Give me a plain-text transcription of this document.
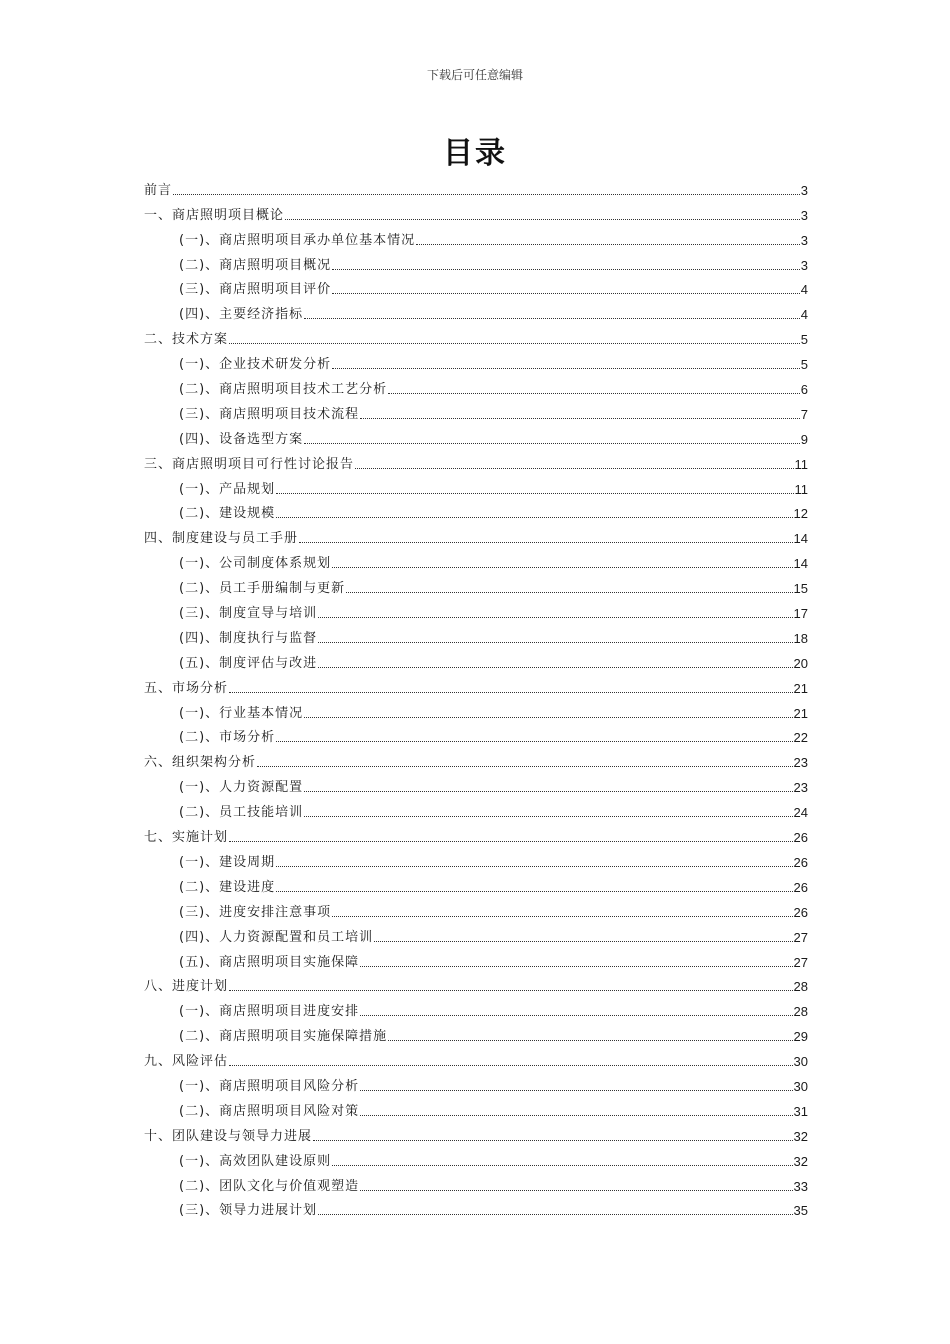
下载后可任意编辑
目录
前言	3
一、商店照明项目概论	3
(一)、商店照明项目承办单位基本情况	3
(二)、商店照明项目概况	3
(三)、商店照明项目评价	4
(四)、主要经济指标	4
二、技术方案	5
(一)、企业技术研发分析	5
(二)、商店照明项目技术工艺分析	6
(三)、商店照明项目技术流程	7
(四)、设备选型方案	9
三、商店照明项目可行性讨论报告	11
(一)、产品规划	11
(二)、建设规模	12
四、制度建设与员工手册	14
(一)、公司制度体系规划	14
(二)、员工手册编制与更新	15
(三)、制度宣导与培训	17
(四)、制度执行与监督	18
(五)、制度评估与改进	20
五、市场分析	21
(一)、行业基本情况	21
(二)、市场分析	22
六、组织架构分析	23
(一)、人力资源配置	23
(二)、员工技能培训	24
七、实施计划	26
(一)、建设周期	26
(二)、建设进度	26
(三)、进度安排注意事项	26
(四)、人力资源配置和员工培训	27
(五)、商店照明项目实施保障	27
八、进度计划	28
(一)、商店照明项目进度安排	28
(二)、商店照明项目实施保障措施	29
九、风险评估	30
(一)、商店照明项目风险分析	30
(二)、商店照明项目风险对策	31
十、团队建设与领导力进展	32
(一)、高效团队建设原则	32
(二)、团队文化与价值观塑造	33
(三)、领导力进展计划	35
